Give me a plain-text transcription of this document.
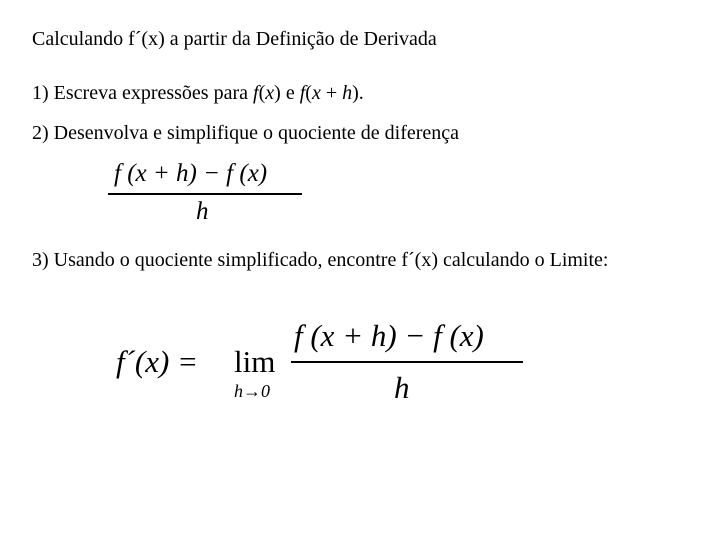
Calculando f´(x) a partir da Definição de Derivada
1) Escreva expressões para f(x) e f(x + h).
2) Desenvolva e simplifique o quociente de diferença
f (x + h) − f (x)
h
3) Usando o quociente simplificado, encontre f´(x) calculando o Limite:
f´(x) = lim
h→0
f (x + h) − f (x)
h
